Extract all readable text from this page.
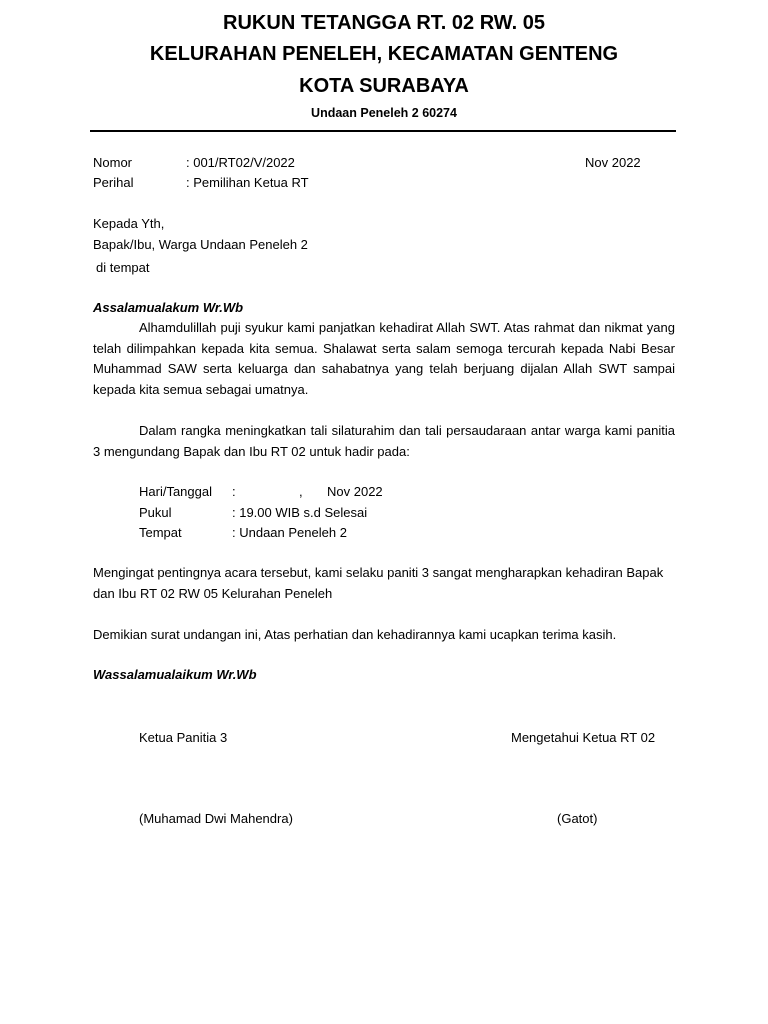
RUKUN TETANGGA RT. 02 RW. 05
KELURAHAN PENELEH, KECAMATAN GENTENG
KOTA SURABAYA
Undaan Peneleh 2 60274
Nomor	: 001/RT02/V/2022	Nov 2022
Perihal	: Pemilihan Ketua RT
Kepada Yth,
Bapak/Ibu, Warga Undaan Peneleh 2
di tempat
Assalamualakum Wr.Wb
Alhamdulillah puji syukur kami panjatkan kehadirat Allah SWT. Atas rahmat dan nikmat yang telah dilimpahkan kepada kita semua. Shalawat serta salam semoga tercurah kepada Nabi Besar Muhammad SAW serta keluarga dan sahabatnya yang telah berjuang dijalan Allah SWT sampai kepada kita semua sebagai umatnya.
Dalam rangka meningkatkan tali silaturahim dan tali persaudaraan antar warga kami panitia 3 mengundang Bapak dan Ibu RT 02 untuk hadir pada:
Hari/Tanggal :	, Nov 2022
Pukul	: 19.00 WIB s.d Selesai
Tempat	: Undaan Peneleh 2
Mengingat pentingnya acara tersebut, kami selaku paniti 3 sangat mengharapkan kehadiran Bapak dan Ibu RT 02 RW 05 Kelurahan Peneleh
Demikian surat undangan ini, Atas perhatian dan kehadirannya kami ucapkan terima kasih.
Wassalamualaikum Wr.Wb
Ketua Panitia 3	Mengetahui Ketua RT 02
(Muhamad Dwi Mahendra)	(Gatot)
